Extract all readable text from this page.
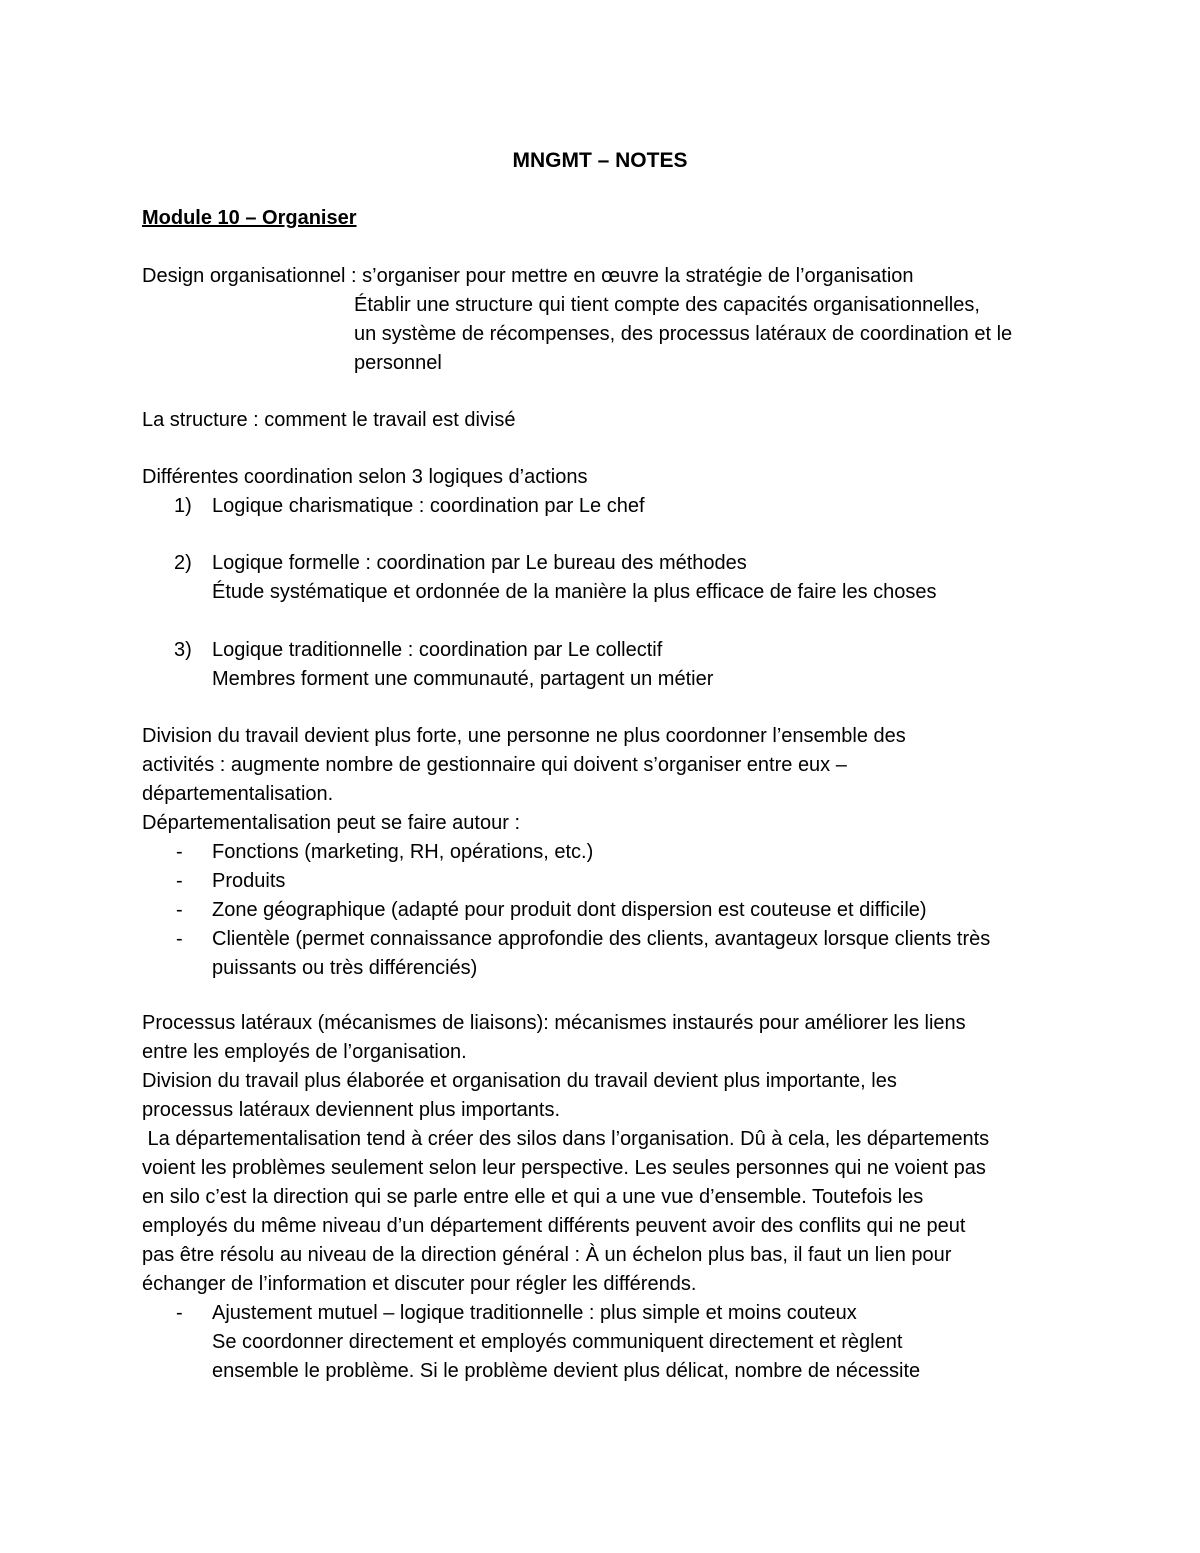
MNGMT – NOTES
Module 10 – Organiser

Design organisationnel : s’organiser pour mettre en œuvre la stratégie de l’organisation

Établir une structure qui tient compte des capacités organisationnelles,

un système de récompenses, des processus latéraux de coordination et le

personnel

La structure : comment le travail est divisé

Différentes coordination selon 3 logiques d’actions

1) Logique charismatique : coordination par Le chef

2) Logique formelle : coordination par Le bureau des méthodes

Étude systématique et ordonnée de la manière la plus efficace de faire les choses

3) Logique traditionnelle : coordination par Le collectif

Membres forment une communauté, partagent un métier

Division du travail devient plus forte, une personne ne plus coordonner l’ensemble des

activités : augmente nombre de gestionnaire qui doivent s’organiser entre eux –

départementalisation.

Départementalisation peut se faire autour :

- Fonctions (marketing, RH, opérations, etc.)

- Produits

- Zone géographique (adapté pour produit dont dispersion est couteuse et difficile)

- Clientèle (permet connaissance approfondie des clients, avantageux lorsque clients très

puissants ou très différenciés)

Processus latéraux (mécanismes de liaisons): mécanismes instaurés pour améliorer les liens

entre les employés de l’organisation.

Division du travail plus élaborée et organisation du travail devient plus importante, les

processus latéraux deviennent plus importants.

La départementalisation tend à créer des silos dans l’organisation. Dû à cela, les départements

voient les problèmes seulement selon leur perspective. Les seules personnes qui ne voient pas

en silo c’est la direction qui se parle entre elle et qui a une vue d’ensemble. Toutefois les

employés du même niveau d’un département différents peuvent avoir des conflits qui ne peut

pas être résolu au niveau de la direction général : À un échelon plus bas, il faut un lien pour

échanger de l’information et discuter pour régler les différends.

- Ajustement mutuel – logique traditionnelle : plus simple et moins couteux

Se coordonner directement et employés communiquent directement et règlent

ensemble le problème. Si le problème devient plus délicat, nombre de nécessite
